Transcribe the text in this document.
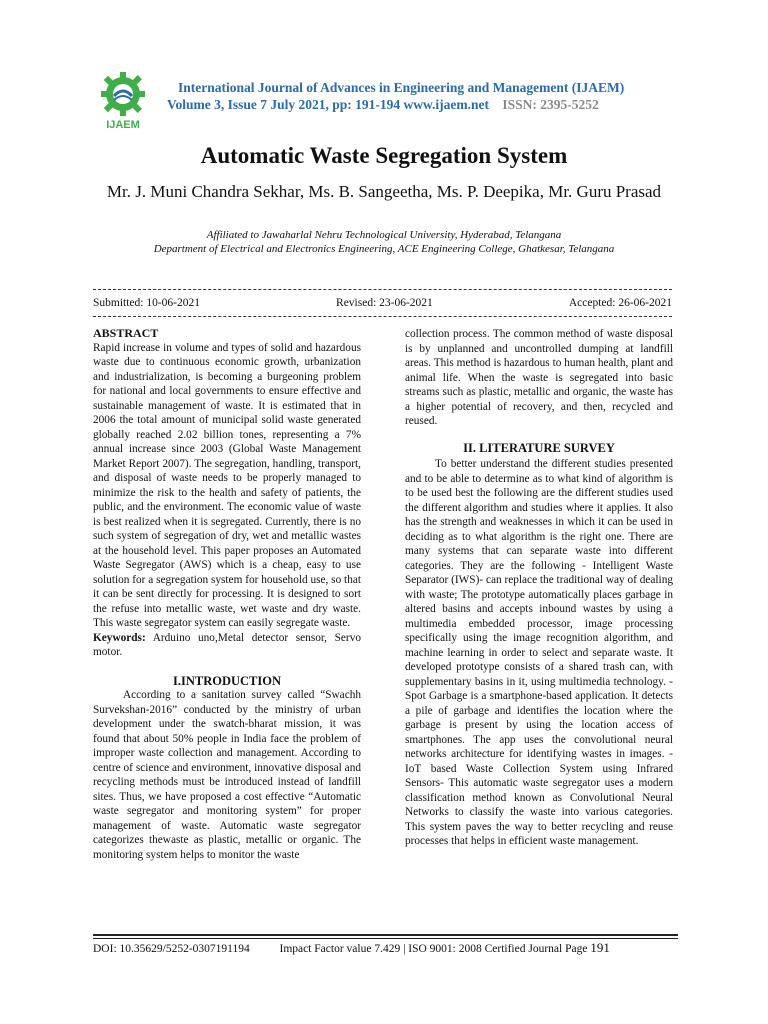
IJAEM
International Journal of Advances in Engineering and Management (IJAEM)
Volume 3, Issue 7 July 2021, pp: 191-194 www.ijaem.net ISSN: 2395-5252
Automatic Waste Segregation System
Mr. J. Muni Chandra Sekhar, Ms. B. Sangeetha, Ms. P. Deepika, Mr. Guru Prasad
Affiliated to Jawaharlal Nehru Technological University, Hyderabad, Telangana
Department of Electrical and Electronics Engineering, ACE Engineering College, Ghatkesar, Telangana
Submitted: 10-06-2021	Revised: 23-06-2021	Accepted: 26-06-2021

ABSTRACT

Rapid increase in volume and types of solid and hazardous waste due to continuous economic growth, urbanization and industrialization, is becoming a burgeoning problem for national and local governments to ensure effective and sustainable management of waste. It is estimated that in 2006 the total amount of municipal solid waste generated globally reached 2.02 billion tones, representing a 7% annual increase since 2003 (Global Waste Management Market Report 2007). The segregation, handling, transport, and disposal of waste needs to be properly managed to minimize the risk to the health and safety of patients, the public, and the environment. The economic value of waste is best realized when it is segregated. Currently, there is no such system of segregation of dry, wet and metallic wastes at the household level. This paper proposes an Automated Waste Segregator (AWS) which is a cheap, easy to use solution for a segregation system for household use, so that it can be sent directly for processing. It is designed to sort the refuse into metallic waste, wet waste and dry waste. This waste segregator system can easily segregate waste.

Keywords: Arduino uno,Metal detector sensor, Servo motor.

I.INTRODUCTION

According to a sanitation survey called “Swachh Survekshan-2016” conducted by the ministry of urban development under the swatch-bharat mission, it was found that about 50% people in India face the problem of improper waste collection and management. According to centre of science and environment, innovative disposal and recycling methods must be introduced instead of landfill sites. Thus, we have proposed a cost effective “Automatic waste segregator and monitoring system” for proper management of waste. Automatic waste segregator categorizes thewaste as plastic, metallic or organic. The monitoring system helps to monitor the waste

collection process. The common method of waste disposal is by unplanned and uncontrolled dumping at landfill areas. This method is hazardous to human health, plant and animal life. When the waste is segregated into basic streams such as plastic, metallic and organic, the waste has a higher potential of recovery, and then, recycled and reused.

II. LITERATURE SURVEY

To better understand the different studies presented and to be able to determine as to what kind of algorithm is to be used best the following are the different studies used the different algorithm and studies where it applies. It also has the strength and weaknesses in which it can be used in deciding as to what algorithm is the right one. There are many systems that can separate waste into different categories. They are the following - Intelligent Waste Separator (IWS)- can replace the traditional way of dealing with waste; The prototype automatically places garbage in altered basins and accepts inbound wastes by using a multimedia embedded processor, image processing specifically using the image recognition algorithm, and machine learning in order to select and separate waste. It developed prototype consists of a shared trash can, with supplementary basins in it, using multimedia technology. - Spot Garbage is a smartphone-based application. It detects a pile of garbage and identifies the location where the garbage is present by using the location access of smartphones. The app uses the convolutional neural networks architecture for identifying wastes in images. - IoT based Waste Collection System using Infrared Sensors- This automatic waste segregator uses a modern classification method known as Convolutional Neural Networks to classify the waste into various categories. This system paves the way to better recycling and reuse processes that helps in efficient waste management.

DOI: 10.35629/5252-0307191194	Impact Factor value 7.429 | ISO 9001: 2008 Certified Journal Page 191
